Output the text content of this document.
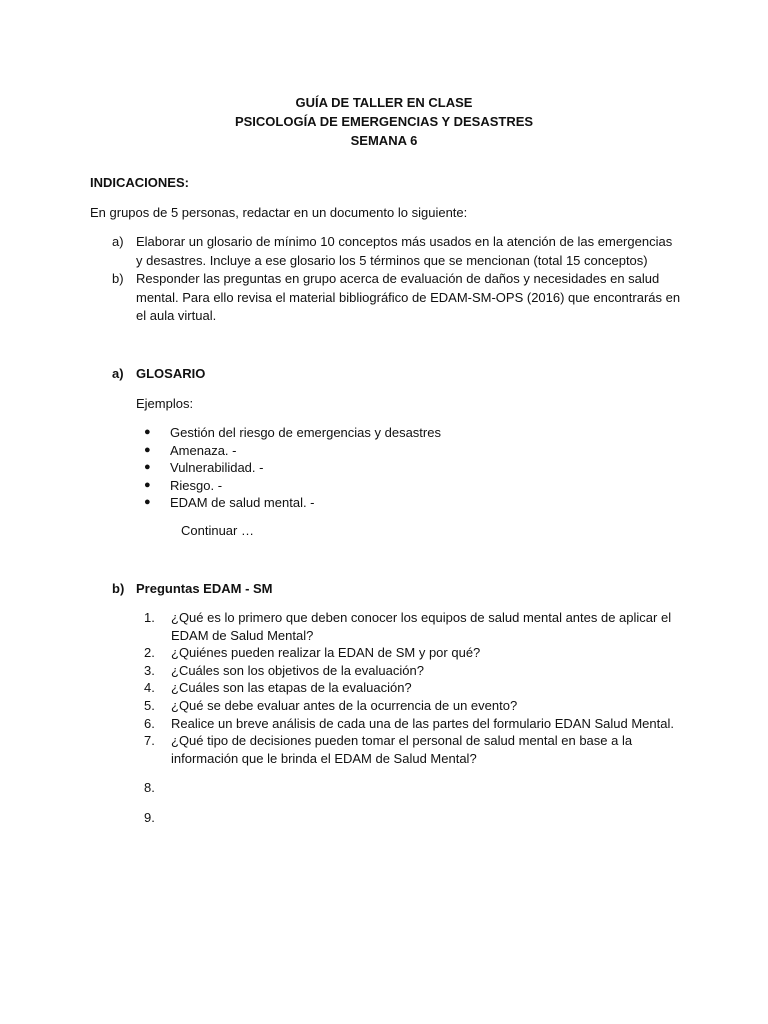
GUÍA DE TALLER EN CLASE
PSICOLOGÍA DE EMERGENCIAS Y DESASTRES
SEMANA 6
INDICACIONES:
En grupos de 5 personas, redactar en un documento lo siguiente:
a) Elaborar un glosario de mínimo 10 conceptos más usados en la atención de las emergencias y desastres. Incluye a ese glosario los 5 términos que se mencionan (total 15 conceptos)
b) Responder las preguntas en grupo acerca de evaluación de daños y necesidades en salud mental. Para ello revisa el material bibliográfico de EDAM-SM-OPS (2016) que encontrarás en el aula virtual.
a) GLOSARIO
Ejemplos:
● Gestión del riesgo de emergencias y desastres
● Amenaza. -
● Vulnerabilidad. -
● Riesgo. -
● EDAM de salud mental. -
Continuar …
b) Preguntas EDAM - SM
1. ¿Qué es lo primero que deben conocer los equipos de salud mental antes de aplicar el EDAM de Salud Mental?
2. ¿Quiénes pueden realizar la EDAN de SM y por qué?
3. ¿Cuáles son los objetivos de la evaluación?
4. ¿Cuáles son las etapas de la evaluación?
5. ¿Qué se debe evaluar antes de la ocurrencia de un evento?
6. Realice un breve análisis de cada una de las partes del formulario EDAN Salud Mental.
7. ¿Qué tipo de decisiones pueden tomar el personal de salud mental en base a la información que le brinda el EDAM de Salud Mental?
8.
9.
